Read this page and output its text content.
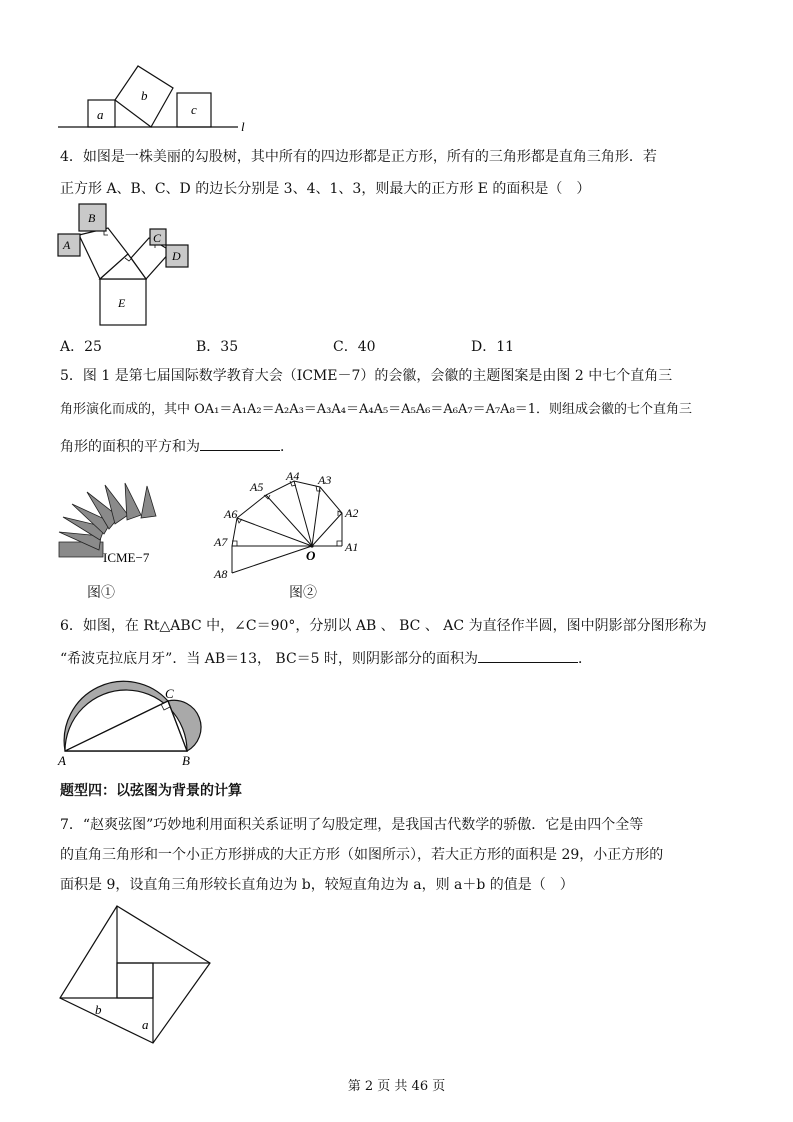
a
b
c
l
4．如图是一株美丽的勾股树，其中所有的四边形都是正方形，所有的三角形都是直角三角形．若
正方形 A、B、C、D 的边长分别是 3、4、1、3，则最大的正方形 E 的面积是（　）
A
B
C
D
E
A．25	B．35	C．40	D．11
5．图 1 是第七届国际数学教育大会（ICME－7）的会徽，会徽的主题图案是由图 2 中七个直角三
角形演化而成的，其中 OA₁＝A₁A₂＝A₂A₃＝A₃A₄＝A₄A₅＝A₅A₆＝A₆A₇＝A₇A₈＝1．则组成会徽的七个直角三
角形的面积的平方和为	．
ICME−7
图①
O
A1
A2
A3
A4
A5
A6
A7
A8
图②
6．如图，在 Rt△ABC 中，∠C＝90°，分别以 AB 、 BC 、 AC 为直径作半圆，图中阴影部分图形称为
“希波克拉底月牙”．当 AB＝13， BC＝5 时，则阴影部分的面积为	．
A	B
C
题型四：以弦图为背景的计算
7．“赵爽弦图”巧妙地利用面积关系证明了勾股定理，是我国古代数学的骄傲．它是由四个全等
的直角三角形和一个小正方形拼成的大正方形（如图所示），若大正方形的面积是 29，小正方形的
面积是 9，设直角三角形较长直角边为 b，较短直角边为 a，则 a＋b 的值是（　）
b
a
第 2 页 共 46 页
